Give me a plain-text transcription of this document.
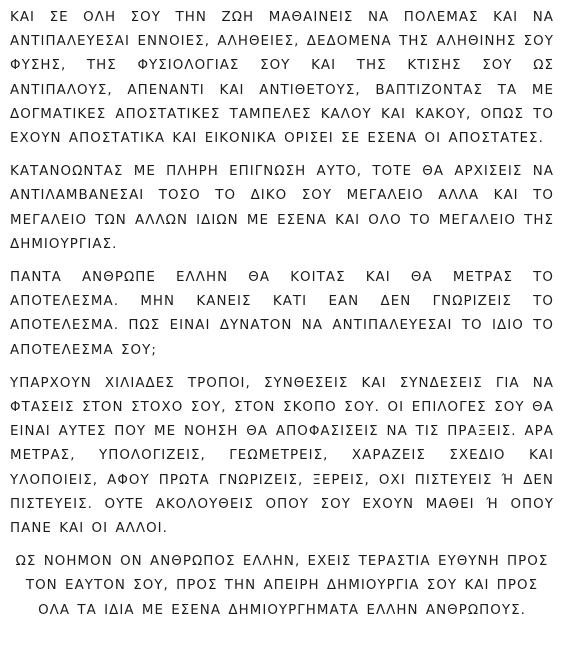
ΚΑΙ ΣΕ ΟΛΗ ΣΟΥ ΤΗΝ ΖΩΗ ΜΑΘΑΙΝΕΙΣ ΝΑ ΠΟΛΕΜΑΣ ΚΑΙ ΝΑ ΑΝΤΙΠΑΛΕΥΕΣΑΙ ΕΝΝΟΙΕΣ, ΑΛΗΘΕΙΕΣ, ΔΕΔΟΜΕΝΑ ΤΗΣ ΑΛΗΘΙΝΗΣ ΣΟΥ ΦΥΣΗΣ, ΤΗΣ ΦΥΣΙΟΛΟΓΙΑΣ ΣΟΥ ΚΑΙ ΤΗΣ ΚΤΙΣΗΣ ΣΟΥ ΩΣ ΑΝΤΙΠΑΛΟΥΣ, ΑΠΕΝΑΝΤΙ ΚΑΙ ΑΝΤΙΘΕΤΟΥΣ, ΒΑΠΤΙΖΟΝΤΑΣ ΤΑ ΜΕ ΔΟΓΜΑΤΙΚΕΣ ΑΠΟΣΤΑΤΙΚΕΣ ΤΑΜΠΕΛΕΣ ΚΑΛΟΥ ΚΑΙ ΚΑΚΟΥ, ΟΠΩΣ ΤΟ ΕΧΟΥΝ ΑΠΟΣΤΑΤΙΚΑ ΚΑΙ ΕΙΚΟΝΙΚΑ ΟΡΙΣΕΙ ΣΕ ΕΣΕΝΑ ΟΙ ΑΠΟΣΤΑΤΕΣ.

ΚΑΤΑΝΟΩΝΤΑΣ ΜΕ ΠΛΗΡΗ ΕΠΙΓΝΩΣΗ ΑΥΤΟ, ΤΟΤΕ ΘΑ ΑΡΧΙΣΕΙΣ ΝΑ ΑΝΤΙΛΑΜΒΑΝΕΣΑΙ ΤΟΣΟ ΤΟ ΔΙΚΟ ΣΟΥ ΜΕΓΑΛΕΙΟ ΑΛΛΑ ΚΑΙ ΤΟ ΜΕΓΑΛΕΙΟ ΤΩΝ ΑΛΛΩΝ ΙΔΙΩΝ ΜΕ ΕΣΕΝΑ ΚΑΙ ΟΛΟ ΤΟ ΜΕΓΑΛΕΙΟ ΤΗΣ ΔΗΜΙΟΥΡΓΙΑΣ.

ΠΑΝΤΑ ΑΝΘΡΩΠΕ ΕΛΛΗΝ ΘΑ ΚΟΙΤΑΣ ΚΑΙ ΘΑ ΜΕΤΡΑΣ ΤΟ ΑΠΟΤΕΛΕΣΜΑ. ΜΗΝ ΚΑΝΕΙΣ ΚΑΤΙ ΕΑΝ ΔΕΝ ΓΝΩΡΙΖΕΙΣ ΤΟ ΑΠΟΤΕΛΕΣΜΑ. ΠΩΣ ΕΙΝΑΙ ΔΥΝΑΤΟΝ ΝΑ ΑΝΤΙΠΑΛΕΥΕΣΑΙ ΤΟ ΙΔΙΟ ΤΟ ΑΠΟΤΕΛΕΣΜΑ ΣΟΥ;

ΥΠΑΡΧΟΥΝ ΧΙΛΙΑΔΕΣ ΤΡΟΠΟΙ, ΣΥΝΘΕΣΕΙΣ ΚΑΙ ΣΥΝΔΕΣΕΙΣ ΓΙΑ ΝΑ ΦΤΑΣΕΙΣ ΣΤΟΝ ΣΤΟΧΟ ΣΟΥ, ΣΤΟΝ ΣΚΟΠΟ ΣΟΥ. ΟΙ ΕΠΙΛΟΓΕΣ ΣΟΥ ΘΑ ΕΙΝΑΙ ΑΥΤΕΣ ΠΟΥ ΜΕ ΝΟΗΣΗ ΘΑ ΑΠΟΦΑΣΙΣΕΙΣ ΝΑ ΤΙΣ ΠΡΑΞΕΙΣ. ΑΡΑ ΜΕΤΡΑΣ, ΥΠΟΛΟΓΙΖΕΙΣ, ΓΕΩΜΕΤΡΕΙΣ, ΧΑΡΑΖΕΙΣ ΣΧΕΔΙΟ ΚΑΙ ΥΛΟΠΟΙΕΙΣ, ΑΦΟΥ ΠΡΩΤΑ ΓΝΩΡΙΖΕΙΣ, ΞΕΡΕΙΣ, ΟΧΙ ΠΙΣΤΕΥΕΙΣ Ή ΔΕΝ ΠΙΣΤΕΥΕΙΣ. ΟΥΤΕ ΑΚΟΛΟΥΘΕΙΣ ΟΠΟΥ ΣΟΥ ΕΧΟΥΝ ΜΑΘΕΙ Ή ΟΠΟΥ ΠΑΝΕ ΚΑΙ ΟΙ ΑΛΛΟΙ.

ΩΣ ΝΟΗΜΟΝ ΟΝ ΑΝΘΡΩΠΟΣ ΕΛΛΗΝ, ΕΧΕΙΣ ΤΕΡΑΣΤΙΑ ΕΥΘΥΝΗ ΠΡΟΣ ΤΟΝ ΕΑΥΤΟΝ ΣΟΥ, ΠΡΟΣ ΤΗΝ ΑΠΕΙΡΗ ΔΗΜΙΟΥΡΓΙΑ ΣΟΥ ΚΑΙ ΠΡΟΣ ΟΛΑ ΤΑ ΙΔΙΑ ΜΕ ΕΣΕΝΑ ΔΗΜΙΟΥΡΓΗΜΑΤΑ ΕΛΛΗΝ ΑΝΘΡΩΠΟΥΣ.
